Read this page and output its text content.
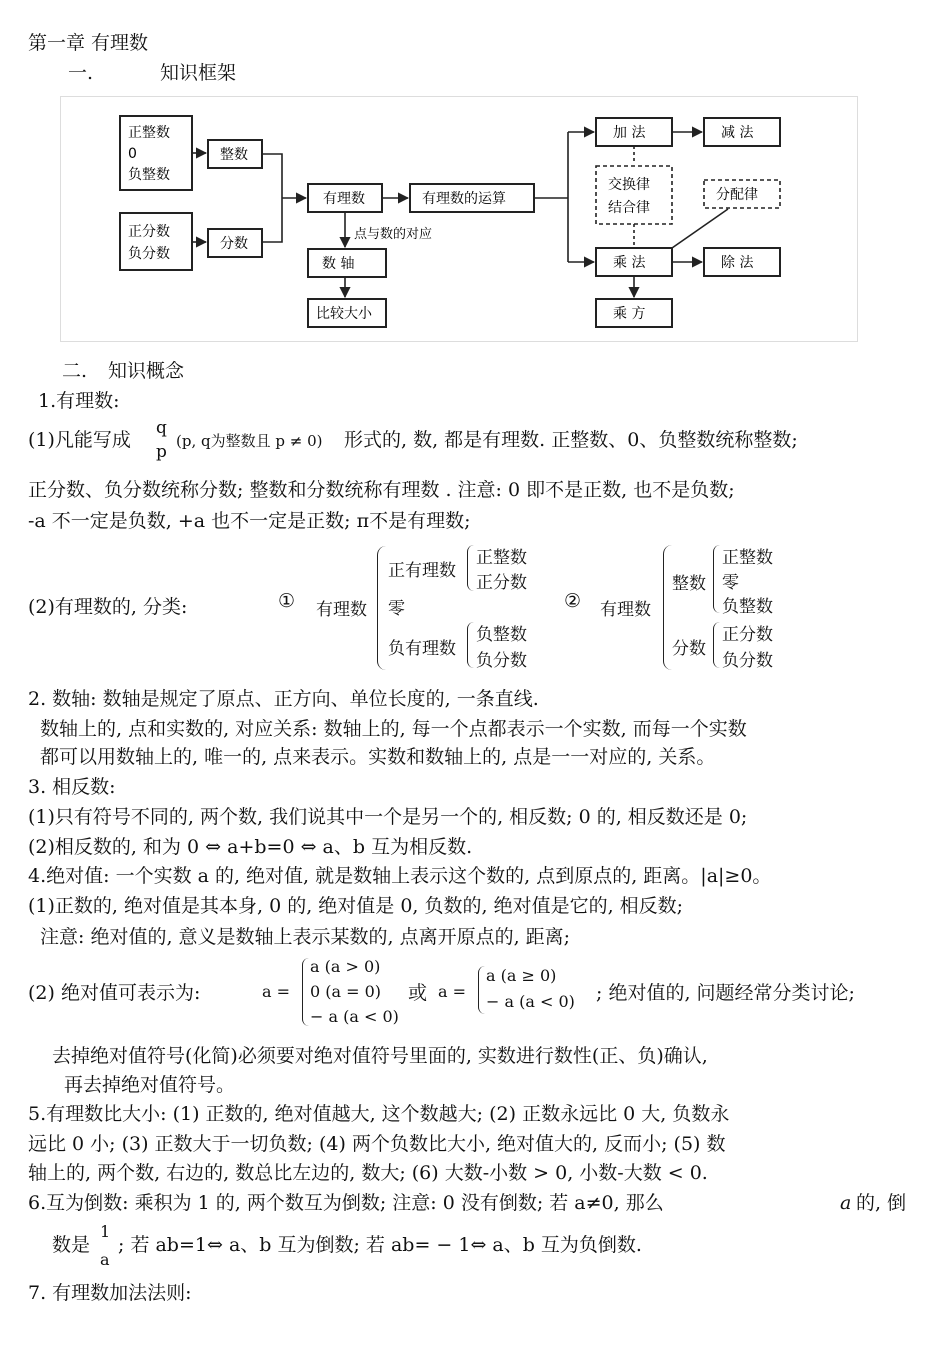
第一章 有理数
一.	知识框架
正整数
0
负整数
正分数
负分数
整数
分数
有理数	有理数的运算
点与数的对应
数 轴
比较大小
加 法	减 法
交换律
结合律
分配律
乘 法	除 法
乘 方
二. 知识概念
1.有理数:
(1)凡能写成
q
p
(p, q为整数且 p ≠ 0) 形式的, 数, 都是有理数. 正整数、0、负整数统称整数;
正分数、负分数统称分数; 整数和分数统称有理数 . 注意: 0 即不是正数, 也不是负数;
-a 不一定是负数, +a 也不一定是正数; π不是有理数;
(2)有理数的, 分类:	① 有理数
正有理数
正整数
正分数
零
负有理数
负整数
负分数
② 有理数
整数
正整数
零
负整数
分数
正分数
负分数
2. 数轴: 数轴是规定了原点、正方向、单位长度的, 一条直线.
数轴上的, 点和实数的, 对应关系: 数轴上的, 每一个点都表示一个实数, 而每一个实数
都可以用数轴上的, 唯一的, 点来表示。实数和数轴上的, 点是一一对应的, 关系。
3. 相反数:
(1)只有符号不同的, 两个数, 我们说其中一个是另一个的, 相反数; 0 的, 相反数还是 0;
(2)相反数的, 和为 0 ⇔ a+b=0 ⇔ a、b 互为相反数.
4.绝对值: 一个实数 a 的, 绝对值, 就是数轴上表示这个数的, 点到原点的, 距离。|a|≥0。
(1)正数的, 绝对值是其本身, 0 的, 绝对值是 0, 负数的, 绝对值是它的, 相反数;
注意: 绝对值的, 意义是数轴上表示某数的, 点离开原点的, 距离;
(2) 绝对值可表示为:	a =
a (a > 0)
0 (a = 0)
− a (a < 0)
或 a =
a (a ≥ 0)
− a (a < 0) ; 绝对值的, 问题经常分类讨论;
去掉绝对值符号(化简)必须要对绝对值符号里面的, 实数进行数性(正、负)确认,
再去掉绝对值符号。
5.有理数比大小: (1) 正数的, 绝对值越大, 这个数越大; (2) 正数永远比 0 大, 负数永
远比 0 小; (3) 正数大于一切负数; (4) 两个负数比大小, 绝对值大的, 反而小; (5) 数
轴上的, 两个数, 右边的, 数总比左边的, 数大; (6) 大数-小数 > 0, 小数-大数 < 0.
6.互为倒数: 乘积为 1 的, 两个数互为倒数; 注意: 0 没有倒数; 若 a≠0, 那么	a 的, 倒
数是
1
a
; 若 ab=1⇔ a、b 互为倒数; 若 ab= − 1⇔ a、b 互为负倒数.
7. 有理数加法法则:
